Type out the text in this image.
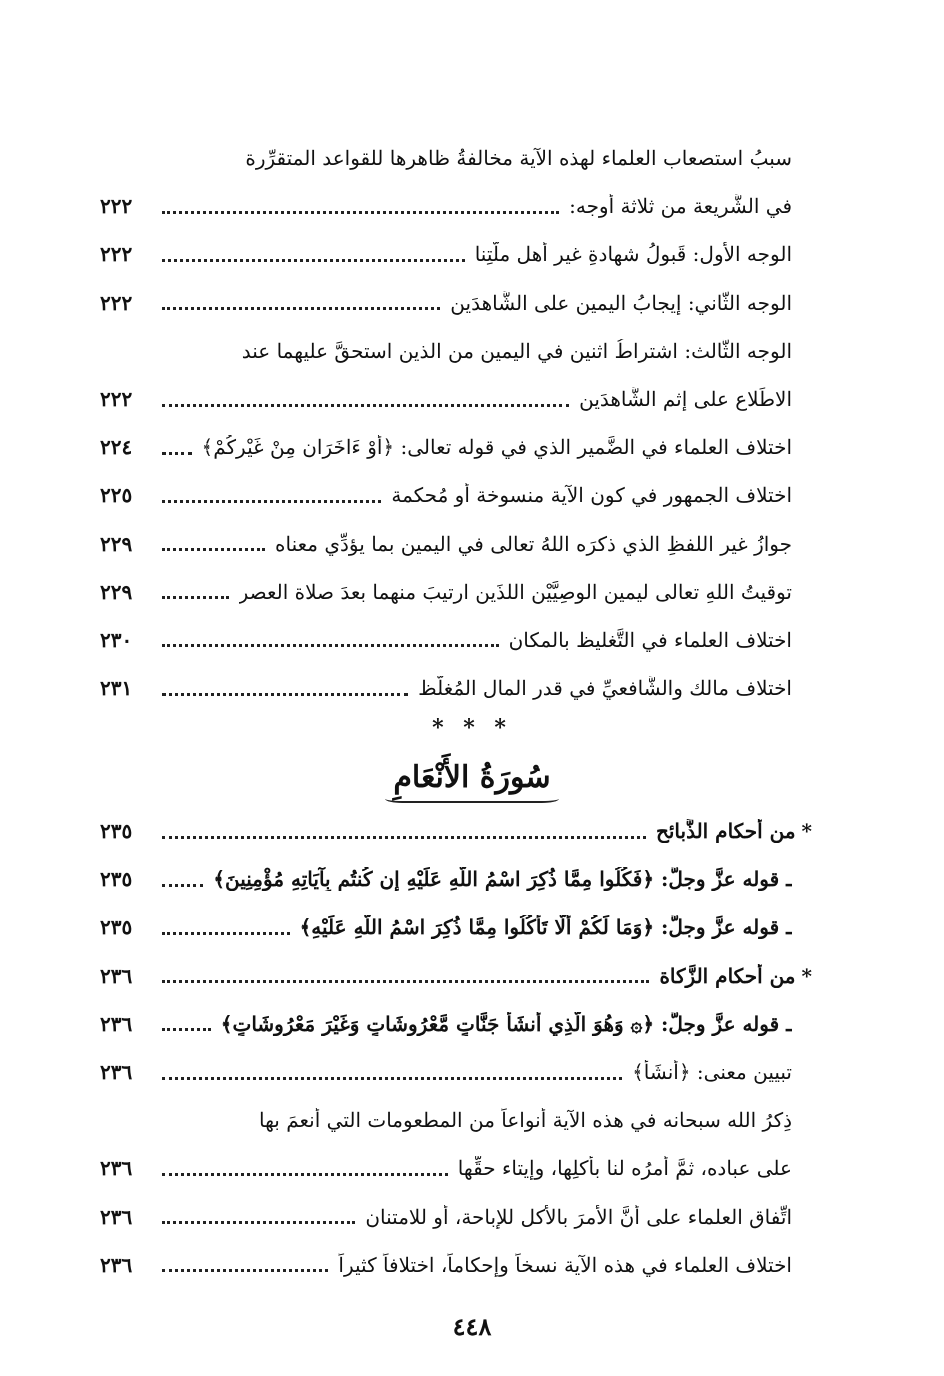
سببُ استصعاب العلماء لهذه الآية مخالفةُ ظاهرِها للقواعد المتقرِّرة
في الشَّريعة من ثلاثة أوجه:
٢٢٢
الوجه الأول: قَبولُ شهادةِ غيرِ أهلِ ملَّتِنا
٢٢٢
الوجه الثَّاني: إيجابُ اليمين على الشَّاهدَين
٢٢٢
الوجه الثَّالث: اشتراطُ اثنين في اليمين من الذين استحقَّ عليهما عند
الاطِّلاع على إثم الشَّاهدَين
٢٢٢
اختلاف العلماء في الضَّمير الذي في قوله تعالى: ﴿أَوْ ءَاخَرَانِ مِنْ غَيْرِكُمْ﴾
٢٢٤
اختلاف الجمهور في كون الآية منسوخة أو مُحكمة
٢٢٥
جوازُ غيرِ اللفظِ الذي ذكرَه اللهُ تعالى في اليمين بما يؤدِّي معناه
٢٢٩
توقيتُ اللهِ تعالى ليمين الوصِيَّيْن اللذَين ارتيبَ منهما بعدَ صلاة العصر
٢٢٩
اختلاف العلماء في التَّغليظ بالمكان
٢٣٠
اختلاف مالك والشَّافعيِّ في قدر المال المُغلَّظ
٢٣١
* * *
سُورَةُ الأَنْعَامِ
*من أحكام الذَّبائح
٢٣٥
ـ قوله عزَّ وجلَّ: ﴿فَكُلُوا مِمَّا ذُكِرَ اسْمُ اللَّهِ عَلَيْهِ إِن كُنتُم بِآيَاتِهِ مُؤْمِنِينَ﴾
٢٣٥
ـ قوله عزَّ وجلَّ: ﴿وَمَا لَكُمْ أَلَّا تَأْكُلُوا مِمَّا ذُكِرَ اسْمُ اللَّهِ عَلَيْهِ﴾
٢٣٥
*من أحكام الزَّكاة
٢٣٦
ـ قوله عزَّ وجلَّ: ﴿۞ وَهُوَ الَّذِي أَنشَأَ جَنَّاتٍ مَّعْرُوشَاتٍ وَغَيْرَ مَعْرُوشَاتٍ﴾
٢٣٦
تبيين معنى: ﴿أَنشَأَ﴾
٢٣٦
ذِكرُ الله سبحانه في هذه الآية أنواعاً من المطعومات التي أنعمَ بها
على عباده، ثمَّ أمرُه لنا بأكلِها، وإيتاء حقِّها
٢٣٦
اتِّفاق العلماء على أنَّ الأمرَ بالأكل للإباحة، أو للامتنان
٢٣٦
اختلاف العلماء في هذه الآية نسخاً وإحكاماً، اختلافاً كثيراً
٢٣٦
٤٤٨
